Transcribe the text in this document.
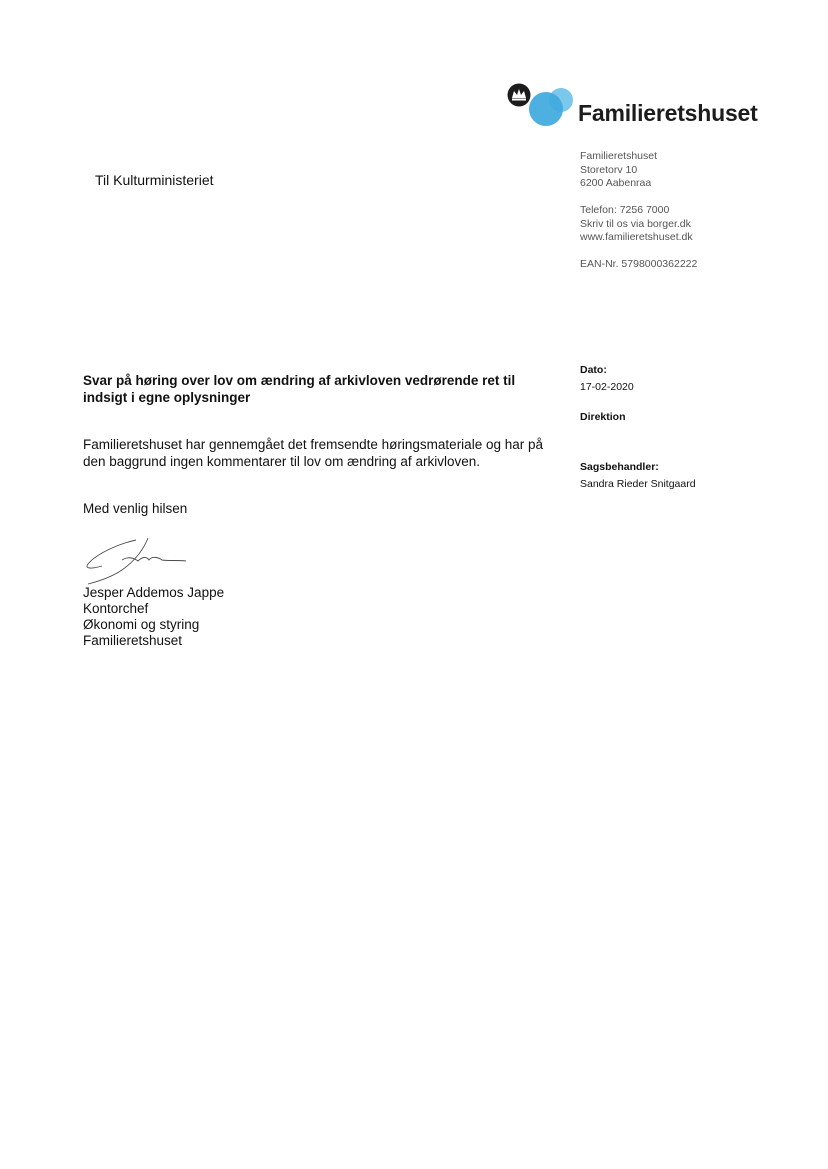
Familieretshuset
Til Kulturministeriet
Familieretshuset
Storetorv 10
6200 Aabenraa
Telefon: 7256 7000
Skriv til os via borger.dk
www.familieretshuset.dk
EAN-Nr. 5798000362222
Dato:
17-02-2020
Direktion
Sagsbehandler:
Sandra Rieder Snitgaard
Svar på høring over lov om ændring af arkivloven vedrørende ret til indsigt i egne oplysninger
Familieretshuset har gennemgået det fremsendte høringsmateriale og har på den baggrund ingen kommentarer til lov om ændring af arkivloven.
Med venlig hilsen
Jesper Addemos Jappe
Kontorchef
Økonomi og styring
Familieretshuset
